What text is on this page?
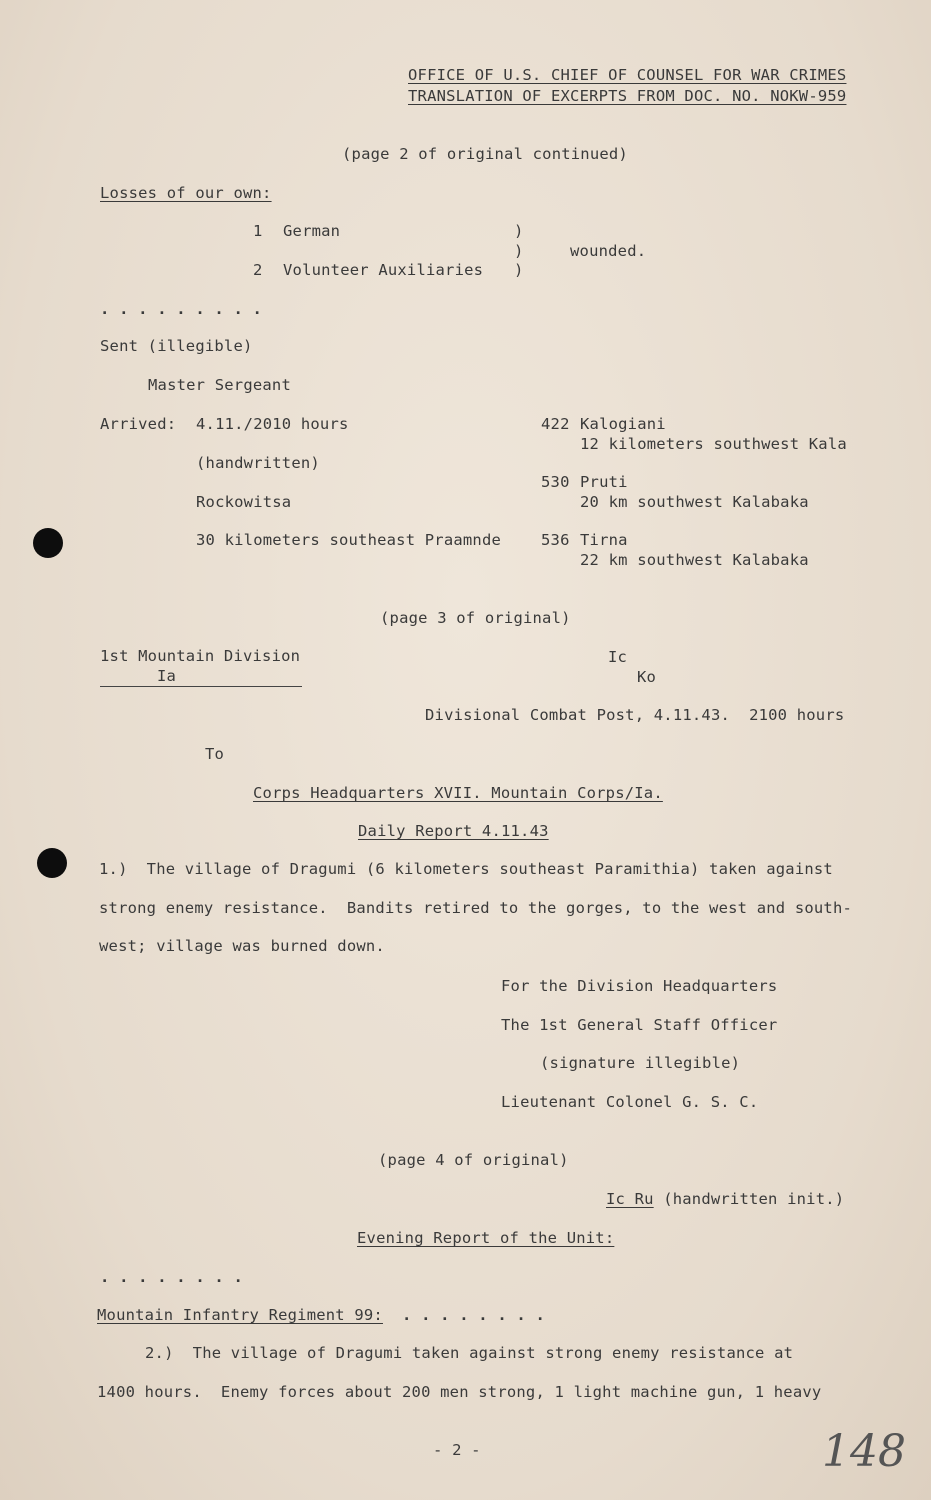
OFFICE OF U.S. CHIEF OF COUNSEL FOR WAR CRIMES
TRANSLATION OF EXCERPTS FROM DOC. NO. NOKW-959
(page 2 of original continued)
Losses of our own:
1 German	)
)	wounded.
2 Volunteer Auxiliaries )
. . . . . . . . .
Sent (illegible)
Master Sergeant
Arrived: 4.11./2010 hours
(handwritten)
Rockowitsa
30 kilometers southeast Praamnde
422 Kalogiani
12 kilometers southwest Kala
530 Pruti
20 km southwest Kalabaka
536 Tirna
22 km southwest Kalabaka
(page 3 of original)
1st Mountain Division
Ia
Ic
Ko
Divisional Combat Post, 4.11.43.  2100 hours
To
Corps Headquarters XVII. Mountain Corps/Ia.
Daily Report 4.11.43
1.)  The village of Dragumi (6 kilometers southeast Paramithia) taken against
strong enemy resistance.  Bandits retired to the gorges, to the west and south-
west; village was burned down.
For the Division Headquarters
The 1st General Staff Officer
(signature illegible)
Lieutenant Colonel G. S. C.
(page 4 of original)
Ic Ru (handwritten init.)
Evening Report of the Unit:
. . . . . . . .
Mountain Infantry Regiment 99: . . . . . . . .
2.)  The village of Dragumi taken against strong enemy resistance at
1400 hours.  Enemy forces about 200 men strong, 1 light machine gun, 1 heavy
- 2 -	148
